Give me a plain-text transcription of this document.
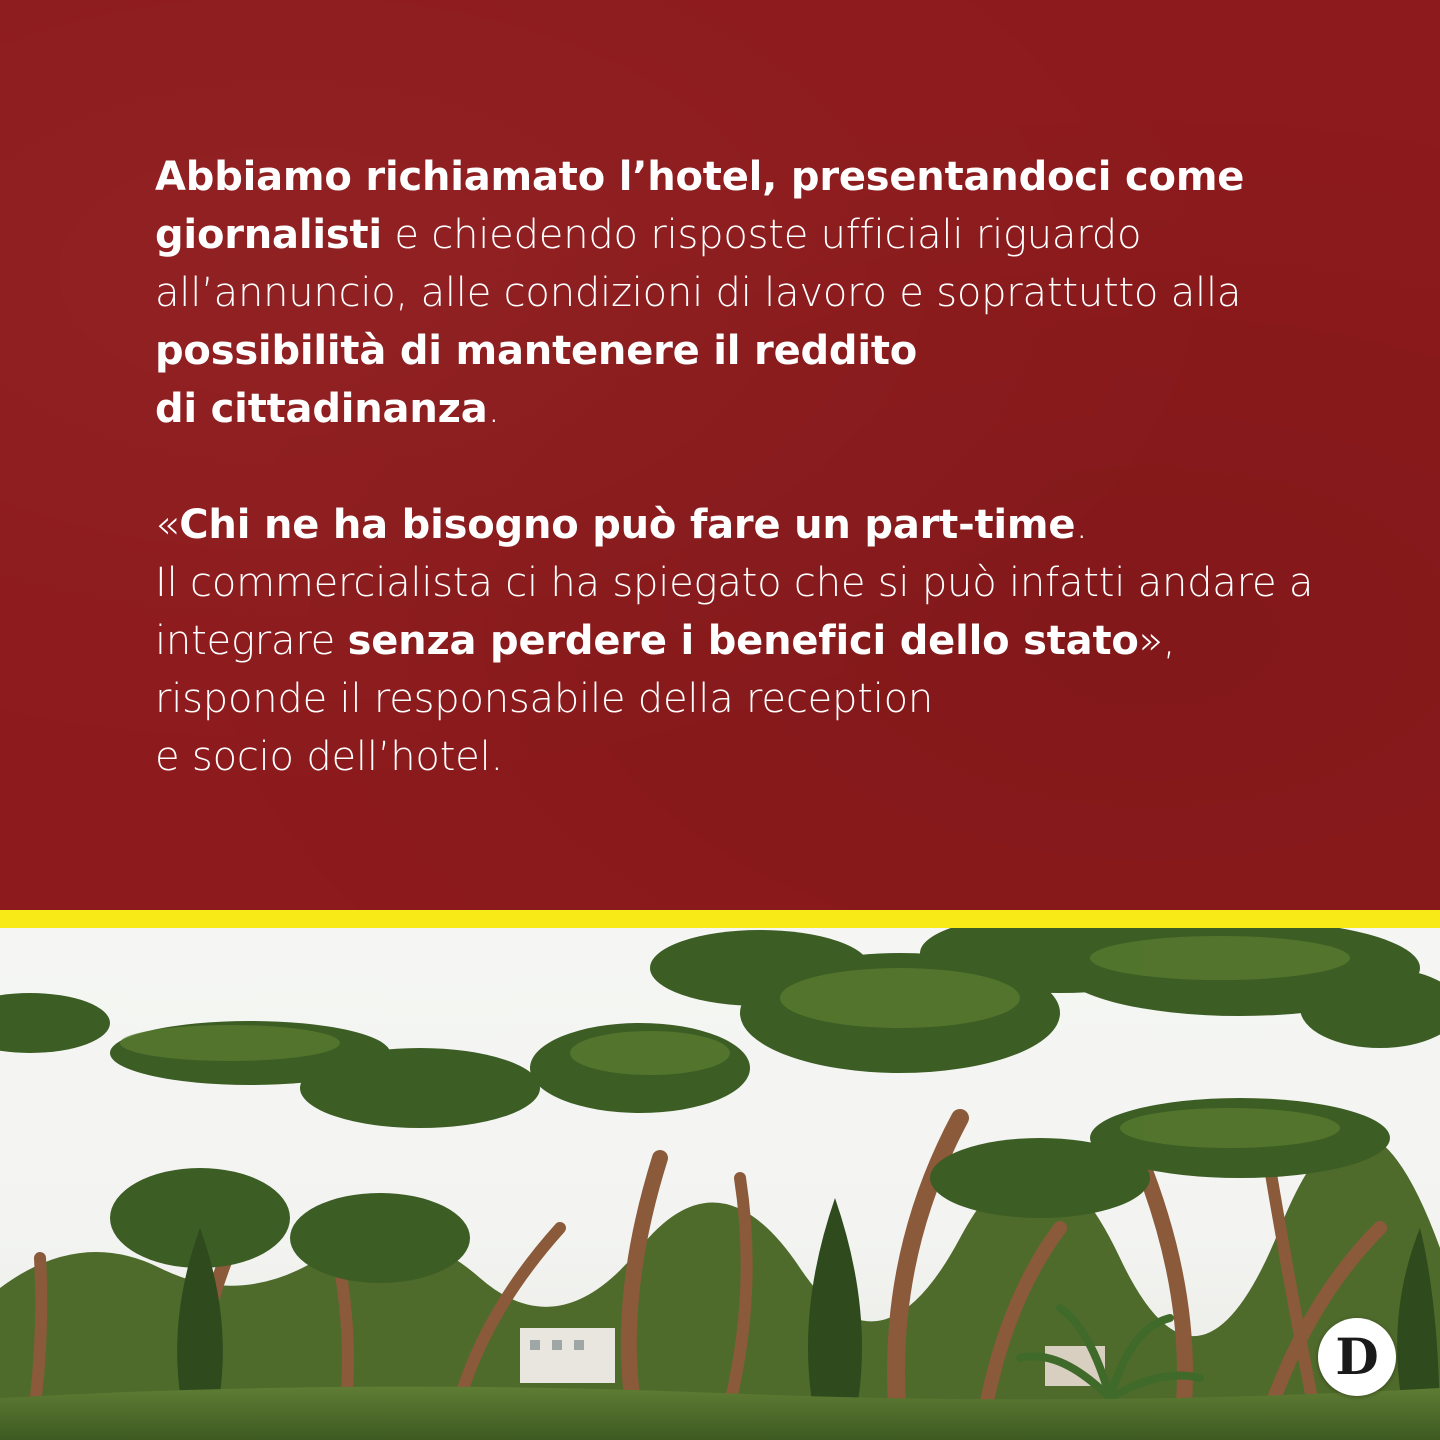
Abbiamo richiamato l’hotel, presentandoci come giornalisti e chiedendo risposte ufficiali riguardo all’annuncio, alle condizioni di lavoro e soprattutto alla possibilità di mantenere il reddito
di cittadinanza.

«Chi ne ha bisogno può fare un part-time.
Il commercialista ci ha spiegato che si può infatti andare a integrare senza perdere i benefici dello stato», risponde il responsabile della reception
e socio dell’hotel.

D
